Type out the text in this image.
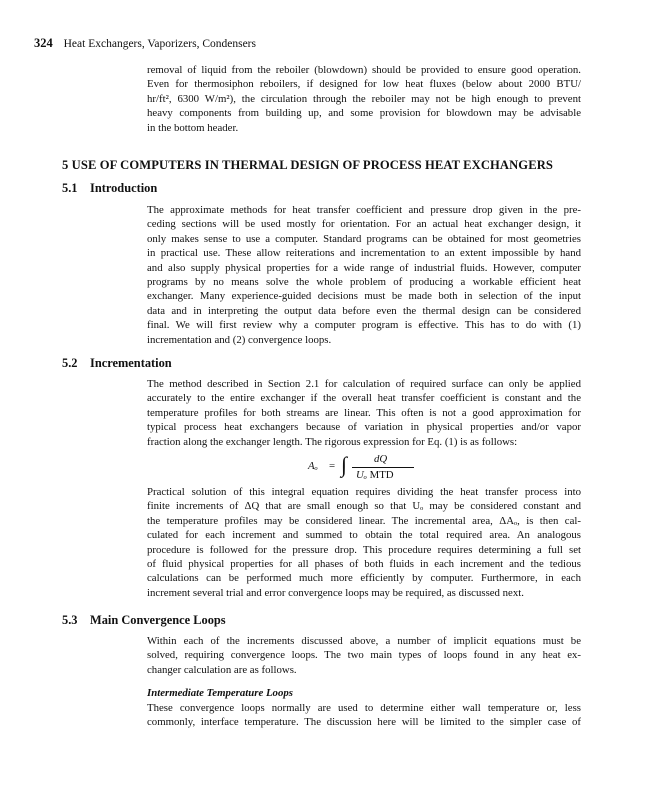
324 Heat Exchangers, Vaporizers, Condensers
removal of liquid from the reboiler (blowdown) should be provided to ensure good operation.
Even for thermosiphon reboilers, if designed for low heat fluxes (below about 2000 BTU/
hr/ft², 6300 W/m²), the circulation through the reboiler may not be high enough to prevent
heavy components from building up, and some provision for blowdown may be advisable
in the bottom header.
5 USE OF COMPUTERS IN THERMAL DESIGN OF PROCESS HEAT EXCHANGERS
5.1 Introduction
The approximate methods for heat transfer coefficient and pressure drop given in the pre-
ceding sections will be used mostly for orientation. For an actual heat exchanger design, it
only makes sense to use a computer. Standard programs can be obtained for most geometries
in practical use. These allow reiterations and incrementation to an extent impossible by hand
and also supply physical properties for a wide range of industrial fluids. However, computer
programs by no means solve the whole problem of producing a workable efficient heat
exchanger. Many experience-guided decisions must be made both in selection of the input
data and in interpreting the output data before even the thermal design can be considered
final. We will first review why a computer program is effective. This has to do with (1)
incrementation and (2) convergence loops.
5.2 Incrementation
The method described in Section 2.1 for calculation of required surface can only be applied
accurately to the entire exchanger if the overall heat transfer coefficient is constant and the
temperature profiles for both streams are linear. This often is not a good approximation for
typical process heat exchangers because of variation in physical properties and/or vapor
fraction along the exchanger length. The rigorous expression for Eq. (1) is as follows:
Aₒ = ∫ dQ
Uₒ MTD
Practical solution of this integral equation requires dividing the heat transfer process into
finite increments of ΔQ that are small enough so that Uₒ may be considered constant and
the temperature profiles may be considered linear. The incremental area, ΔAₒ, is then cal-
culated for each increment and summed to obtain the total required area. An analogous
procedure is followed for the pressure drop. This procedure requires determining a full set
of fluid physical properties for all phases of both fluids in each increment and the tedious
calculations can be performed much more efficiently by computer. Furthermore, in each
increment several trial and error convergence loops may be required, as discussed next.
5.3 Main Convergence Loops
Within each of the increments discussed above, a number of implicit equations must be
solved, requiring convergence loops. The two main types of loops found in any heat ex-
changer calculation are as follows.
Intermediate Temperature Loops
These convergence loops normally are used to determine either wall temperature or, less
commonly, interface temperature. The discussion here will be limited to the simpler case of
